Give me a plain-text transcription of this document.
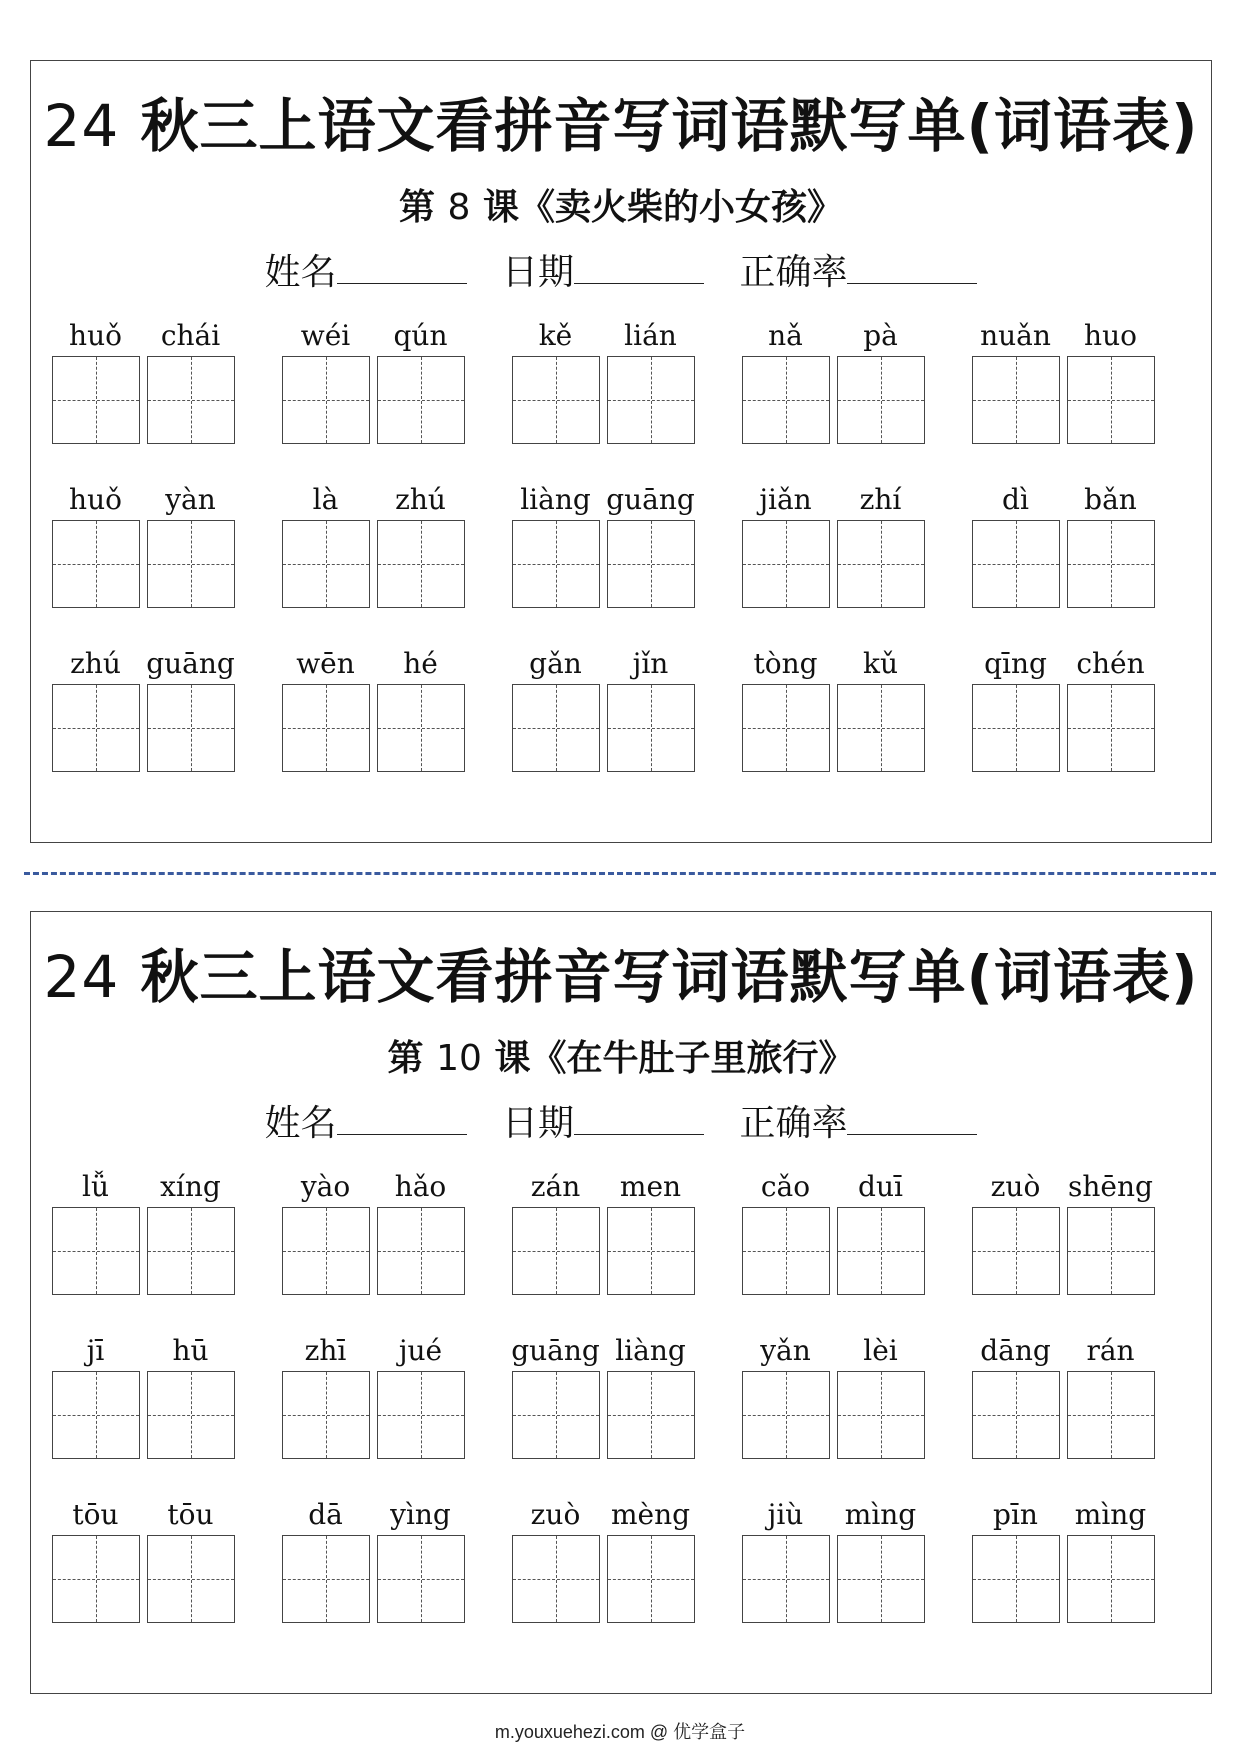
24 秋三上语文看拼音写词语默写单(词语表)
第 8 课《卖火柴的小女孩》
姓名	日期	正确率
huǒ	chái	wéi	qún	kě	lián	nǎ	pà	nuǎn	huo
huǒ	yàn	là	zhú	liàng guāng	jiǎn	zhí	dì	bǎn
zhú guāng	wēn	hé	gǎn	jǐn	tòng	kǔ	qīng	chén
24 秋三上语文看拼音写词语默写单(词语表)
第 10 课《在牛肚子里旅行》
姓名	日期	正确率
lǚ	xíng	yào	hǎo	zán	men	cǎo	duī	zuò shēng
jī	hū	zhī	jué	guāng liàng	yǎn	lèi	dāng	rán
tōu	tōu	dā	yìng	zuò	mèng	jiù	mìng	pīn	mìng
m.youxuehezi.com @ 优学盒子
